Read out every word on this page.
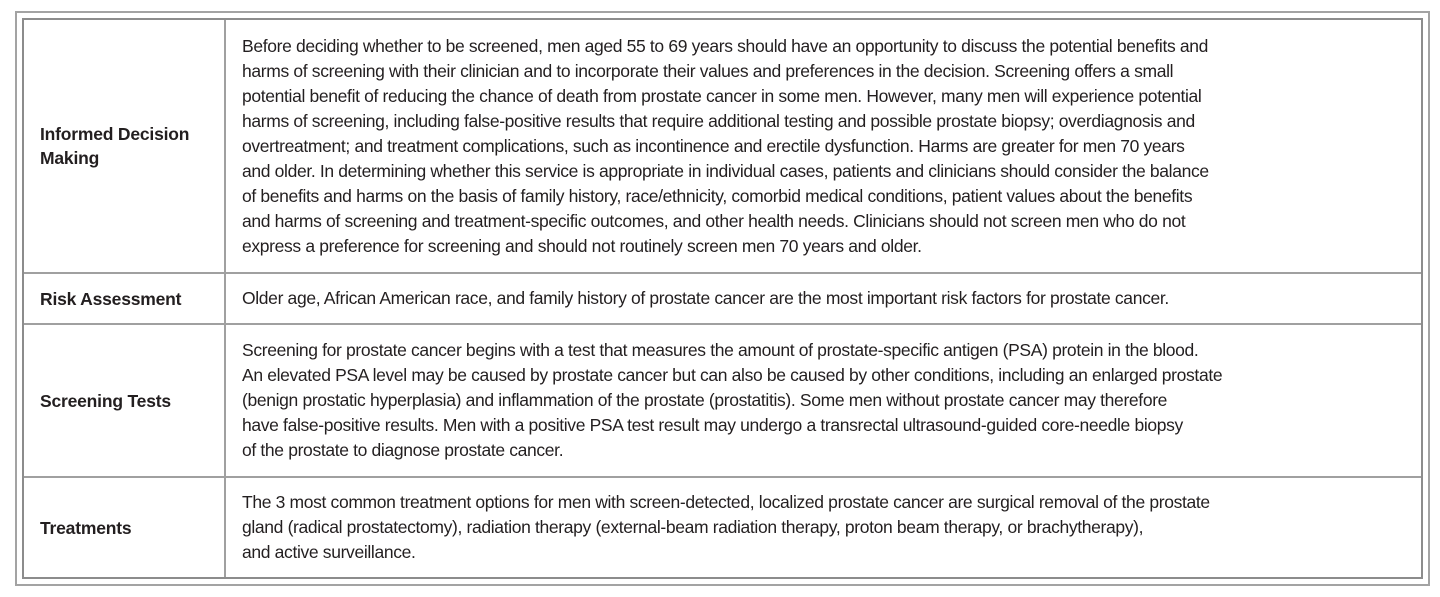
Informed Decision
Making
Before deciding whether to be screened, men aged 55 to 69 years should have an opportunity to discuss the potential benefits and
harms of screening with their clinician and to incorporate their values and preferences in the decision. Screening offers a small
potential benefit of reducing the chance of death from prostate cancer in some men. However, many men will experience potential
harms of screening, including false-positive results that require additional testing and possible prostate biopsy; overdiagnosis and
overtreatment; and treatment complications, such as incontinence and erectile dysfunction. Harms are greater for men 70 years
and older. In determining whether this service is appropriate in individual cases, patients and clinicians should consider the balance
of benefits and harms on the basis of family history, race/ethnicity, comorbid medical conditions, patient values about the benefits
and harms of screening and treatment-specific outcomes, and other health needs. Clinicians should not screen men who do not
express a preference for screening and should not routinely screen men 70 years and older.
Risk Assessment	Older age, African American race, and family history of prostate cancer are the most important risk factors for prostate cancer.
Screening Tests
Screening for prostate cancer begins with a test that measures the amount of prostate-specific antigen (PSA) protein in the blood.
An elevated PSA level may be caused by prostate cancer but can also be caused by other conditions, including an enlarged prostate
(benign prostatic hyperplasia) and inflammation of the prostate (prostatitis). Some men without prostate cancer may therefore
have false-positive results. Men with a positive PSA test result may undergo a transrectal ultrasound-guided core-needle biopsy
of the prostate to diagnose prostate cancer.
Treatments
The 3 most common treatment options for men with screen-detected, localized prostate cancer are surgical removal of the prostate
gland (radical prostatectomy), radiation therapy (external-beam radiation therapy, proton beam therapy, or brachytherapy),
and active surveillance.
